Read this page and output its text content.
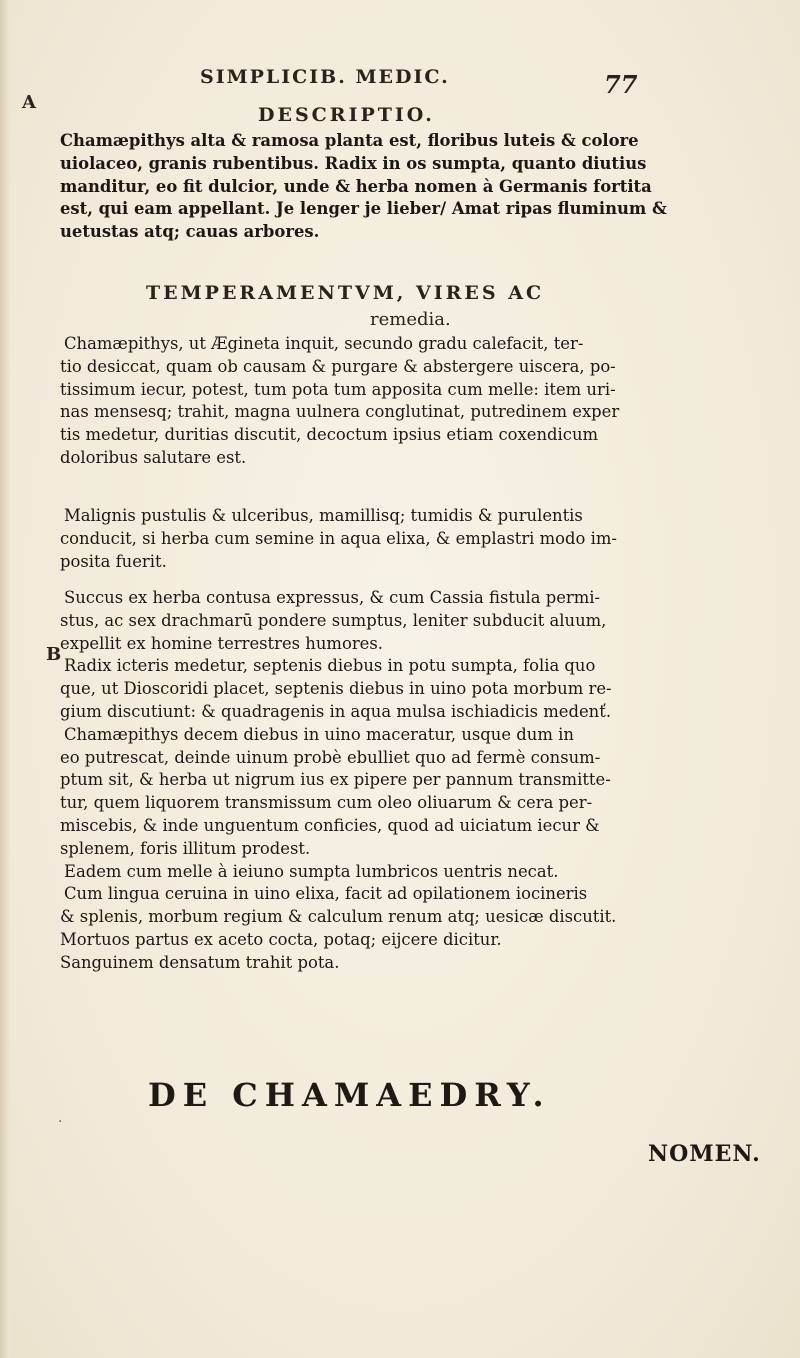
SIMPLICIB. MEDIC.	77
A
B
DESCRIPTIO.
Chamæpithys alta & ramosa planta est, floribus luteis & colore
uiolaceo, granis rubentibus. Radix in os sumpta, quanto diutius
manditur, eo fit dulcior, unde & herba nomen à Germanis fortita
est, qui eam appellant. Je lenger je lieber/ Amat ripas fluminum &
uetustas atq; cauas arbores.
TEMPERAMENTVM, VIRES AC
remedia.
Chamæpithys, ut Ægineta inquit, secundo gradu calefacit, ter-
tio desiccat, quam ob causam & purgare & abstergere uiscera, po-
tissimum iecur, potest, tum pota tum apposita cum melle: item uri-
nas mensesq; trahit, magna uulnera conglutinat, putredinem exper
tis medetur, duritias discutit, decoctum ipsius etiam coxendicum
doloribus salutare est.
Malignis pustulis & ulceribus, mamillisq; tumidis & purulentis
conducit, si herba cum semine in aqua elixa, & emplastri modo im-
posita fuerit.
Succus ex herba contusa expressus, & cum Cassia fistula permi-
stus, ac sex drachmarū pondere sumptus, leniter subducit aluum,
expellit ex homine terrestres humores.
Radix icteris medetur, septenis diebus in potu sumpta, folia quo
que, ut Dioscoridi placet, septenis diebus in uino pota morbum re-
gium discutiunt: & quadragenis in aqua mulsa ischiadicis medenť.
Chamæpithys decem diebus in uino maceratur, usque dum in
eo putrescat, deinde uinum probè ebulliet quo ad fermè consum-
ptum sit, & herba ut nigrum ius ex pipere per pannum transmitte-
tur, quem liquorem transmissum cum oleo oliuarum & cera per-
miscebis, & inde unguentum conficies, quod ad uiciatum iecur &
splenem, foris illitum prodest.
Eadem cum melle à ieiuno sumpta lumbricos uentris necat.
Cum lingua ceruina in uino elixa, facit ad opilationem iocineris
& splenis, morbum regium & calculum renum atq; uesicæ discutit.
Mortuos partus ex aceto cocta, potaq; eijcere dicitur.
Sanguinem densatum trahit pota.
DE CHAMAEDRY.
·
NOMEN.
